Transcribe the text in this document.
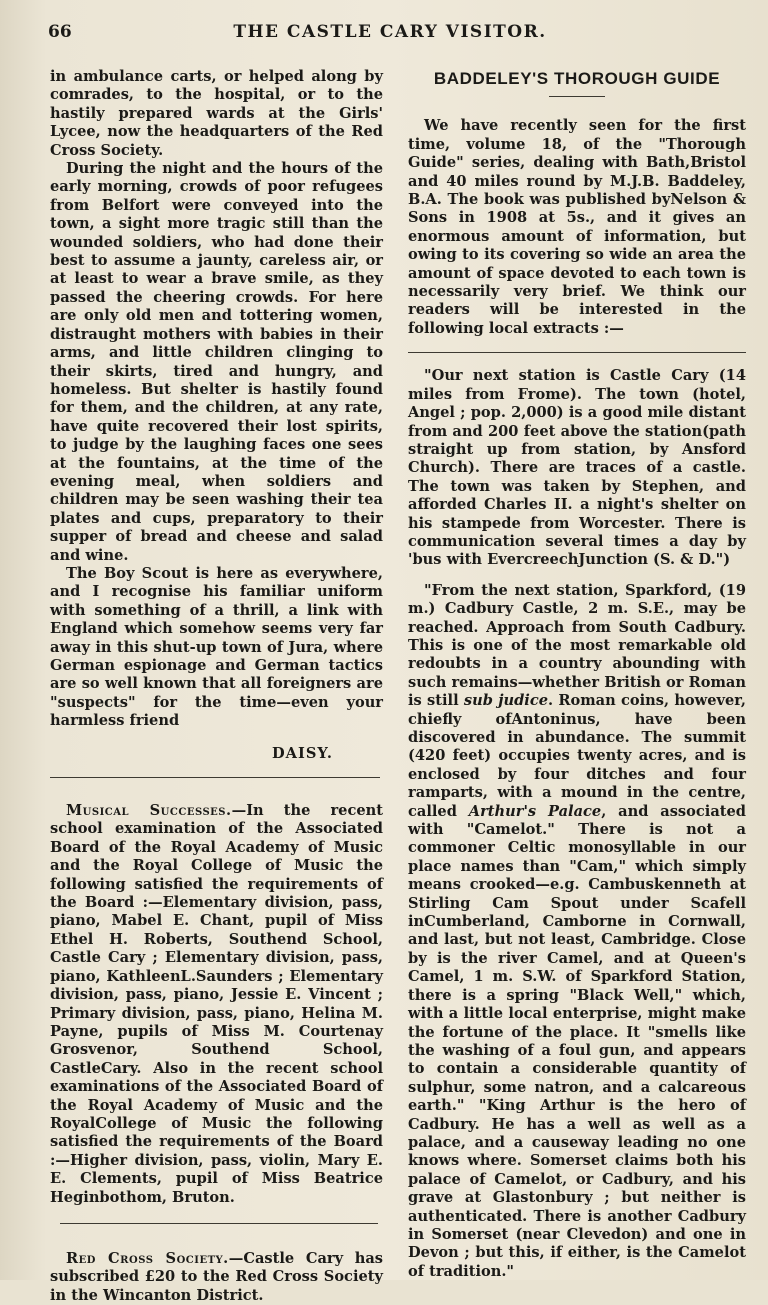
66	THE CASTLE CARY VISITOR.

in ambulance carts, or helped along by comrades, to the hospital, or to the hastily prepared wards at the Girls' Lycee, now the headquarters of the Red Cross Society.

During the night and the hours of the early morning, crowds of poor refugees from Belfort were conveyed into the town, a sight more tragic still than the wounded soldiers, who had done their best to assume a jaunty, careless air, or at least to wear a brave smile, as they passed the cheering crowds. For here are only old men and tottering women, distraught mothers with babies in their arms, and little children clinging to their skirts, tired and hungry, and homeless. But shelter is hastily found for them, and the children, at any rate, have quite recovered their lost spirits, to judge by the laughing faces one sees at the fountains, at the time of the evening meal, when soldiers and children may be seen washing their tea plates and cups, preparatory to their supper of bread and cheese and salad and wine.

The Boy Scout is here as everywhere, and I recognise his familiar uniform with something of a thrill, a link with England which somehow seems very far away in this shut-up town of Jura, where German espionage and German tactics are so well known that all foreigners are "suspects" for the time—even your harmless friend

DAISY.

Musical Successes.—In the recent school examination of the Associated Board of the Royal Academy of Music and the Royal College of Music the following satisfied the requirements of the Board :—Elementary division, pass, piano, Mabel E. Chant, pupil of Miss Ethel H. Roberts, Southend School, Castle Cary ; Elementary division, pass, piano, KathleenL.Saunders ; Elementary division, pass, piano, Jessie E. Vincent ; Primary division, pass, piano, Helina M. Payne, pupils of Miss M. Courtenay Grosvenor, Southend School, CastleCary. Also in the recent school examinations of the Associated Board of the Royal Academy of Music and the RoyalCollege of Music the following satisfied the requirements of the Board :—Higher division, pass, violin, Mary E. E. Clements, pupil of Miss Beatrice Heginbothom, Bruton.

Red Cross Society.—Castle Cary has subscribed £20 to the Red Cross Society in the Wincanton District.

BADDELEY'S THOROUGH GUIDE

We have recently seen for the first time, volume 18, of the "Thorough Guide" series, dealing with Bath,Bristol and 40 miles round by M.J.B. Baddeley, B.A. The book was published byNelson & Sons in 1908 at 5s., and it gives an enormous amount of information, but owing to its covering so wide an area the amount of space devoted to each town is necessarily very brief. We think our readers will be interested in the following local extracts :—

"Our next station is Castle Cary (14 miles from Frome). The town (hotel, Angel ; pop. 2,000) is a good mile distant from and 200 feet above the station(path straight up from station, by Ansford Church). There are traces of a castle. The town was taken by Stephen, and afforded Charles II. a night's shelter on his stampede from Worcester. There is communication several times a day by 'bus with EvercreechJunction (S. & D.")

"From the next station, Sparkford, (19 m.) Cadbury Castle, 2 m. S.E., may be reached. Approach from South Cadbury. This is one of the most remarkable old redoubts in a country abounding with such remains—whether British or Roman is still sub judice. Roman coins, however, chiefly ofAntoninus, have been discovered in abundance. The summit (420 feet) occupies twenty acres, and is enclosed by four ditches and four ramparts, with a mound in the centre, called Arthur's Palace, and associated with "Camelot." There is not a commoner Celtic monosyllable in our place names than "Cam," which simply means crooked—e.g. Cambuskenneth at Stirling Cam Spout under Scafell inCumberland, Camborne in Cornwall, and last, but not least, Cambridge. Close by is the river Camel, and at Queen's Camel, 1 m. S.W. of Sparkford Station, there is a spring "Black Well," which, with a little local enterprise, might make the fortune of the place. It "smells like the washing of a foul gun, and appears to contain a considerable quantity of sulphur, some natron, and a calcareous earth." "King Arthur is the hero of Cadbury. He has a well as well as a palace, and a causeway leading no one knows where. Somerset claims both his palace of Camelot, or Cadbury, and his grave at Glastonbury ; but neither is authenticated. There is another Cadbury in Somerset (near Clevedon) and one in Devon ; but this, if either, is the Camelot of tradition."
